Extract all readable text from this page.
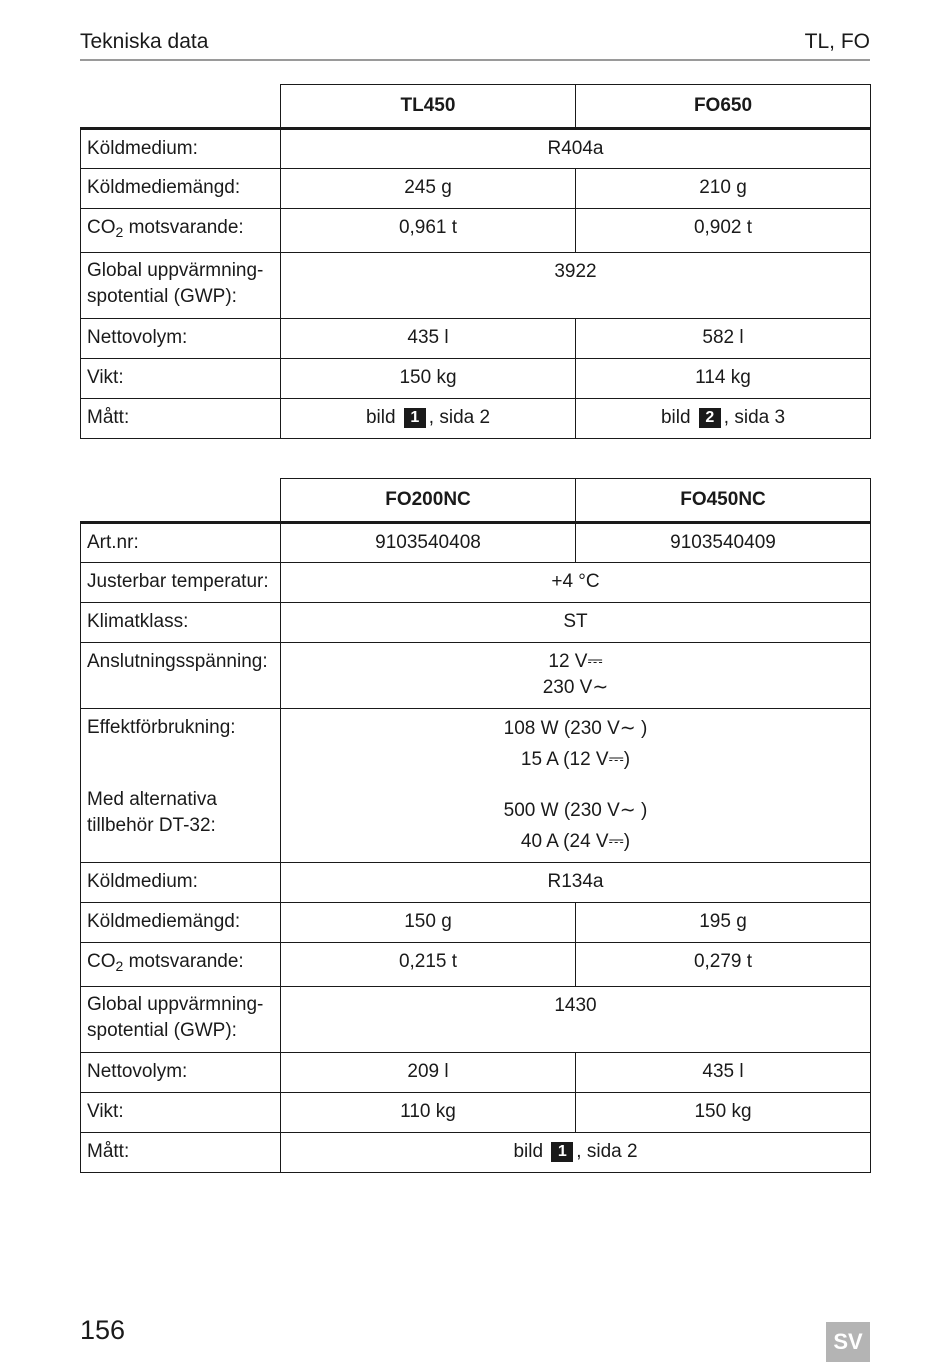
Tekniska data	TL, FO
	TL450	FO650
Köldmedium:	R404a	
Köldmediemängd:	245 g	210 g
$CO_2$ motsvarande:	0,961 t	0,902 t
Global uppvärmning-
spotential (GWP):	3922	
Nettovolym:	435 l	582 l
Vikt:	150 kg	114 kg
Mått:	bild 1 , sida 2	bild 2 , sida 3
	FO200NC	FO450NC
Art.nr:	9103540408	9103540409
Justerbar temperatur:	+4 °C	
Klimatklass:	ST	
Anslutningsspänning:	12 V⎓
230 V∼	

Effektförbrukning:
Med alternativa
tillbehör DT-32:	108 W (230 V∼ )
15 A (12 V⎓)
500 W (230 V∼ )
40 A (24 V⎓)	

Köldmedium:	R134a	
Köldmediemängd:	150 g	195 g
$CO_2$ motsvarande:	0,215 t	0,279 t
Global uppvärmning-
spotential (GWP):	1430	
Nettovolym:	209 l	435 l
Vikt:	110 kg	150 kg
Mått:	bild 1 , sida 2	
156	SV
